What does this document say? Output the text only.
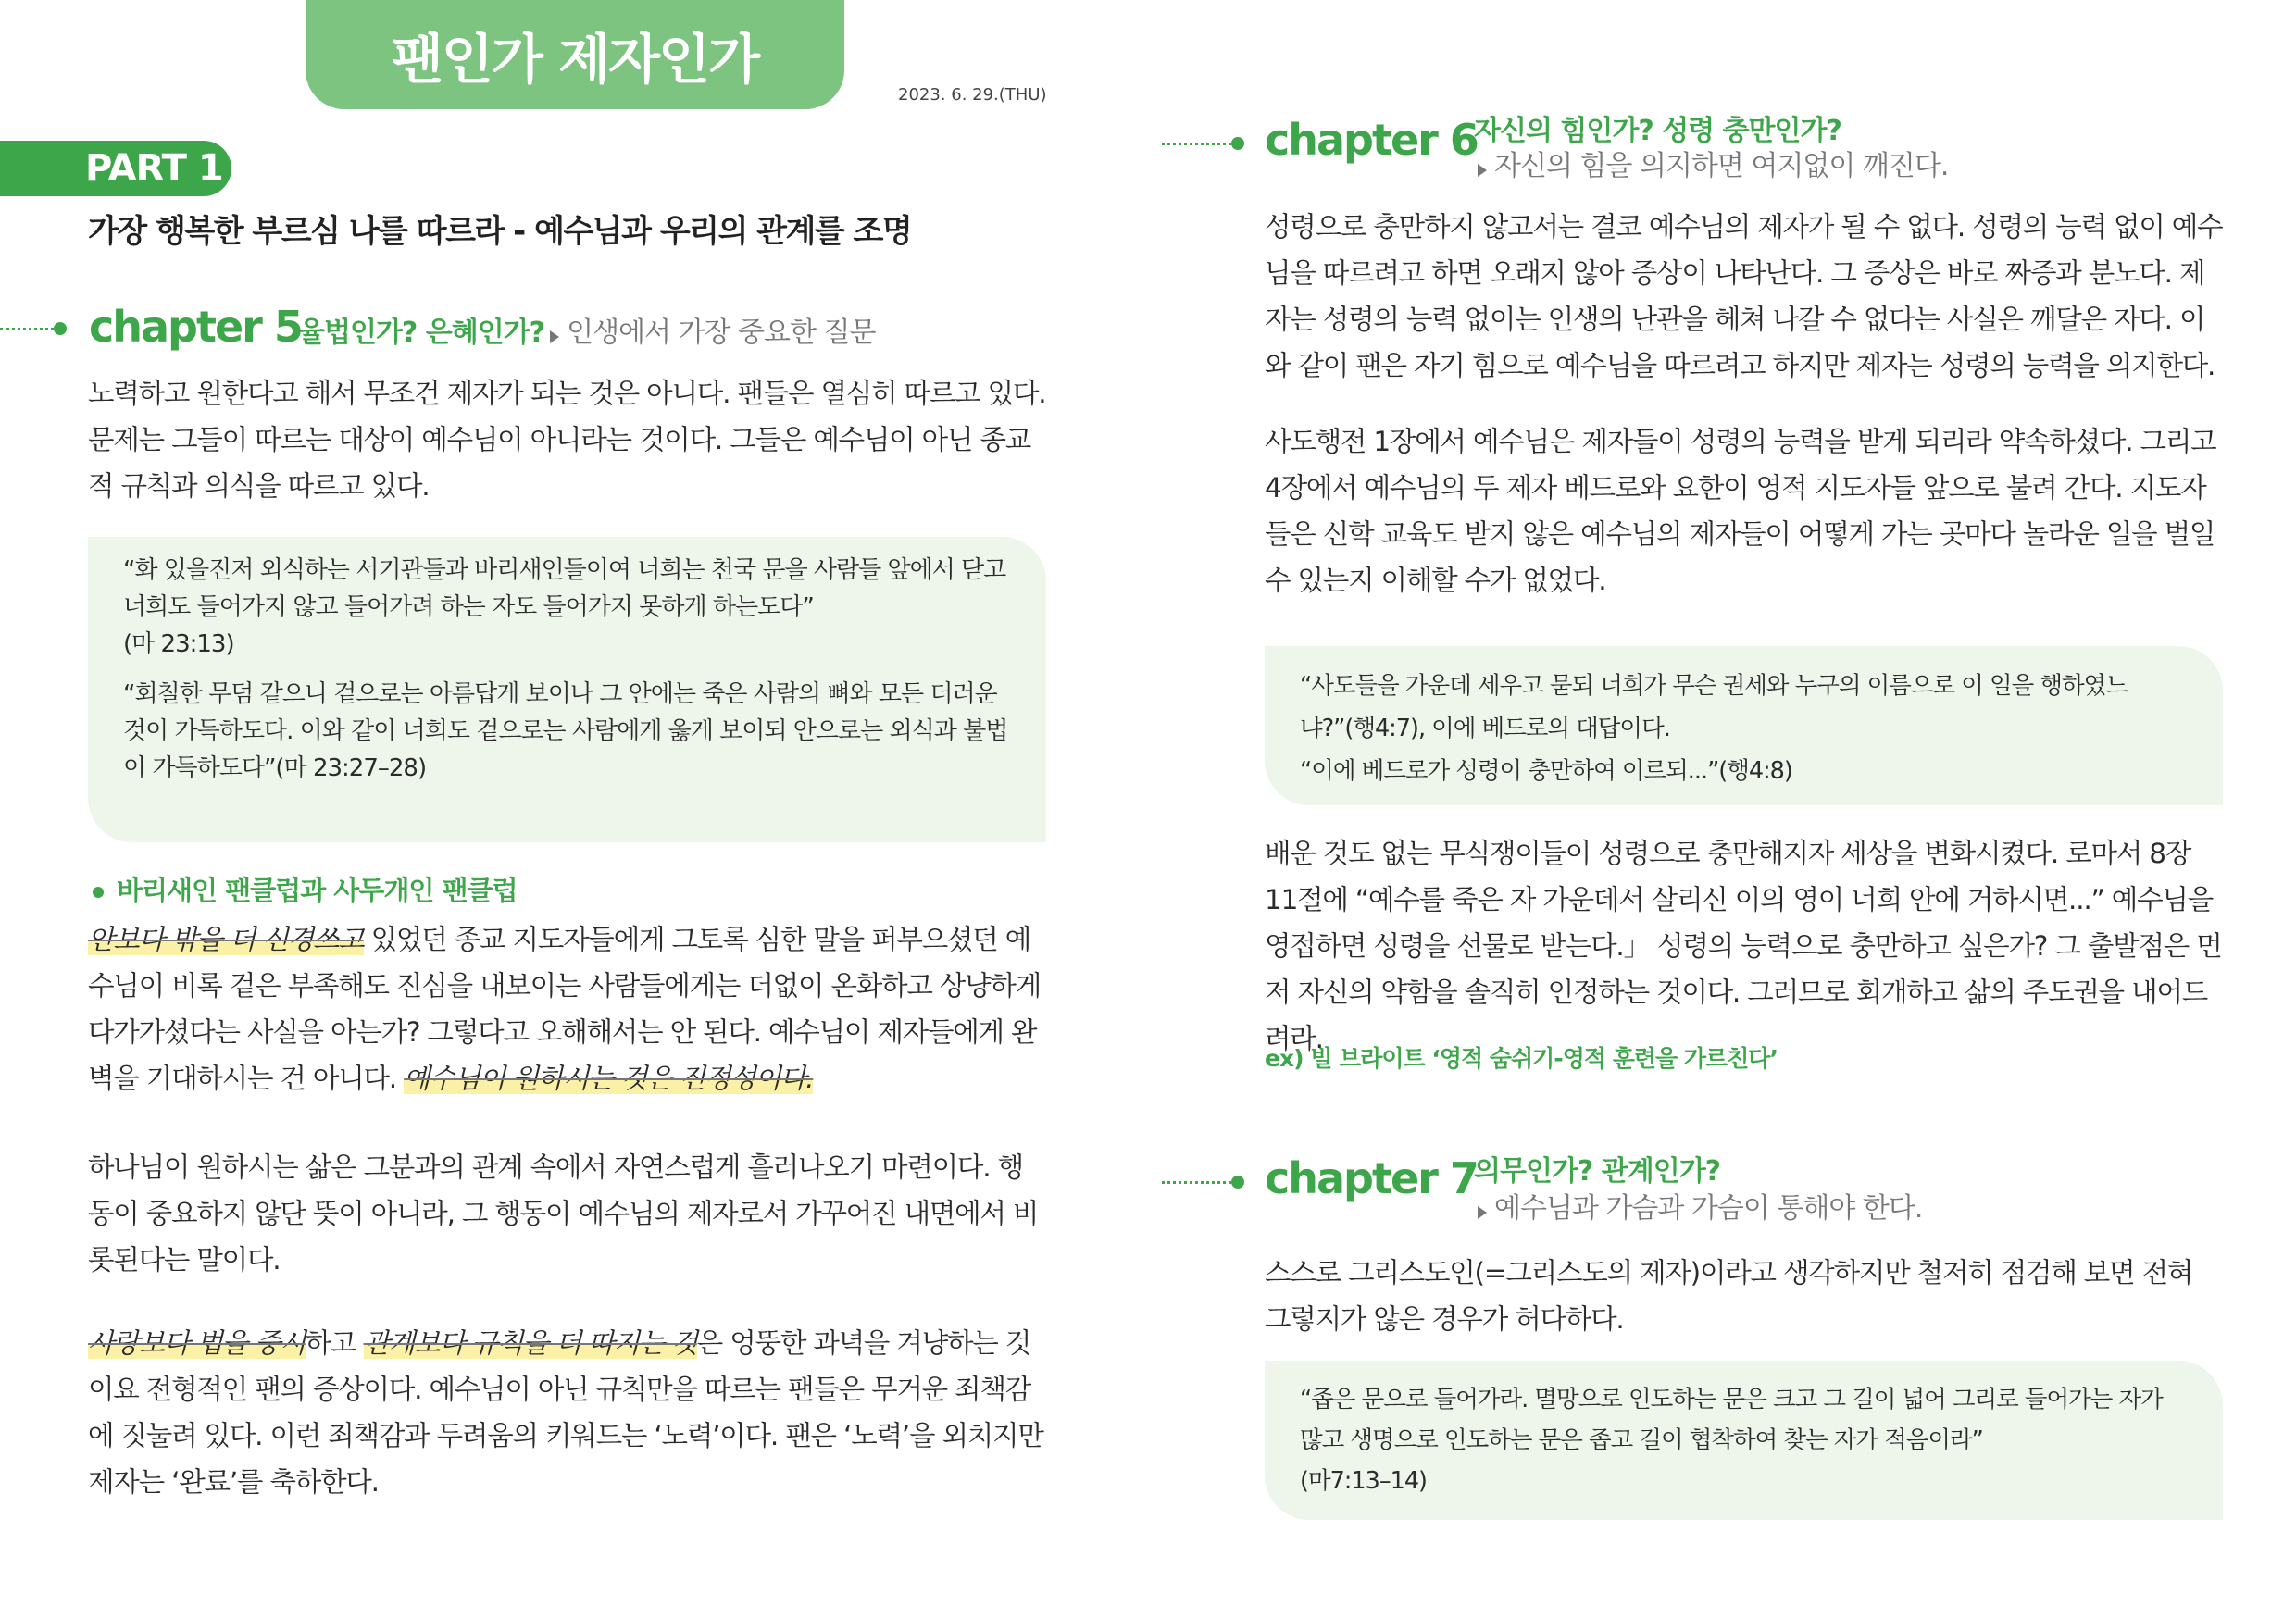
팬인가 제자인가
2023. 6. 29.(THU)
PART 1
가장 행복한 부르심 나를 따르라 - 예수님과 우리의 관계를 조명
chapter 5
율법인가? 은혜인가? 인생에서 가장 중요한 질문

노력하고 원한다고 해서 무조건 제자가 되는 것은 아니다. 팬들은 열심히 따르고 있다. 문제는 그들이 따르는 대상이 예수님이 아니라는 것이다. 그들은 예수님이 아닌 종교적 규칙과 의식을 따르고 있다.

“화 있을진저 외식하는 서기관들과 바리새인들이여 너희는 천국 문을 사람들 앞에서 닫고 너희도 들어가지 않고 들어가려 하는 자도 들어가지 못하게 하는도다”

(마 23:13)

“회칠한 무덤 같으니 겉으로는 아름답게 보이나 그 안에는 죽은 사람의 뼈와 모든 더러운 것이 가득하도다. 이와 같이 너희도 겉으로는 사람에게 옳게 보이되 안으로는 외식과 불법이 가득하도다”(마 23:27–28)

바리새인 팬클럽과 사두개인 팬클럽

안보다 밖을 더 신경쓰고 있었던 종교 지도자들에게 그토록 심한 말을 퍼부으셨던 예수님이 비록 겉은 부족해도 진심을 내보이는 사람들에게는 더없이 온화하고 상냥하게 다가가셨다는 사실을 아는가? 그렇다고 오해해서는 안 된다. 예수님이 제자들에게 완벽을 기대하시는 건 아니다. 예수님이 원하시는 것은 진정성이다.

하나님이 원하시는 삶은 그분과의 관계 속에서 자연스럽게 흘러나오기 마련이다. 행동이 중요하지 않단 뜻이 아니라, 그 행동이 예수님의 제자로서 가꾸어진 내면에서 비롯된다는 말이다.

사랑보다 법을 중시하고 관계보다 규칙을 더 따지는 것은 엉뚱한 과녁을 겨냥하는 것이요 전형적인 팬의 증상이다. 예수님이 아닌 규칙만을 따르는 팬들은 무거운 죄책감에 짓눌려 있다. 이런 죄책감과 두려움의 키워드는 ‘노력’이다. 팬은 ‘노력’을 외치지만 제자는 ‘완료’를 축하한다.

chapter 6
자신의 힘인가? 성령 충만인가?
자신의 힘을 의지하면 여지없이 깨진다.

성령으로 충만하지 않고서는 결코 예수님의 제자가 될 수 없다. 성령의 능력 없이 예수님을 따르려고 하면 오래지 않아 증상이 나타난다. 그 증상은 바로 짜증과 분노다. 제자는 성령의 능력 없이는 인생의 난관을 헤쳐 나갈 수 없다는 사실은 깨달은 자다. 이와 같이 팬은 자기 힘으로 예수님을 따르려고 하지만 제자는 성령의 능력을 의지한다.

사도행전 1장에서 예수님은 제자들이 성령의 능력을 받게 되리라 약속하셨다. 그리고 4장에서 예수님의 두 제자 베드로와 요한이 영적 지도자들 앞으로 불려 간다. 지도자들은 신학 교육도 받지 않은 예수님의 제자들이 어떻게 가는 곳마다 놀라운 일을 벌일 수 있는지 이해할 수가 없었다.

“사도들을 가운데 세우고 묻되 너희가 무슨 권세와 누구의 이름으로 이 일을 행하였느냐?”(행4:7), 이에 베드로의 대답이다.

“이에 베드로가 성령이 충만하여 이르되...”(행4:8)

배운 것도 없는 무식쟁이들이 성령으로 충만해지자 세상을 변화시켰다. 로마서 8장 11절에 “예수를 죽은 자 가운데서 살리신 이의 영이 너희 안에 거하시면...” 예수님을 영접하면 성령을 선물로 받는다.」 성령의 능력으로 충만하고 싶은가? 그 출발점은 먼저 자신의 약함을 솔직히 인정하는 것이다. 그러므로 회개하고 삶의 주도권을 내어드려라.

ex) 빌 브라이트 ‘영적 숨쉬기-영적 훈련을 가르친다’
chapter 7
의무인가? 관계인가?
예수님과 가슴과 가슴이 통해야 한다.

스스로 그리스도인(=그리스도의 제자)이라고 생각하지만 철저히 점검해 보면 전혀 그렇지가 않은 경우가 허다하다.

“좁은 문으로 들어가라. 멸망으로 인도하는 문은 크고 그 길이 넓어 그리로 들어가는 자가 많고 생명으로 인도하는 문은 좁고 길이 협착하여 찾는 자가 적음이라”

(마7:13–14)
